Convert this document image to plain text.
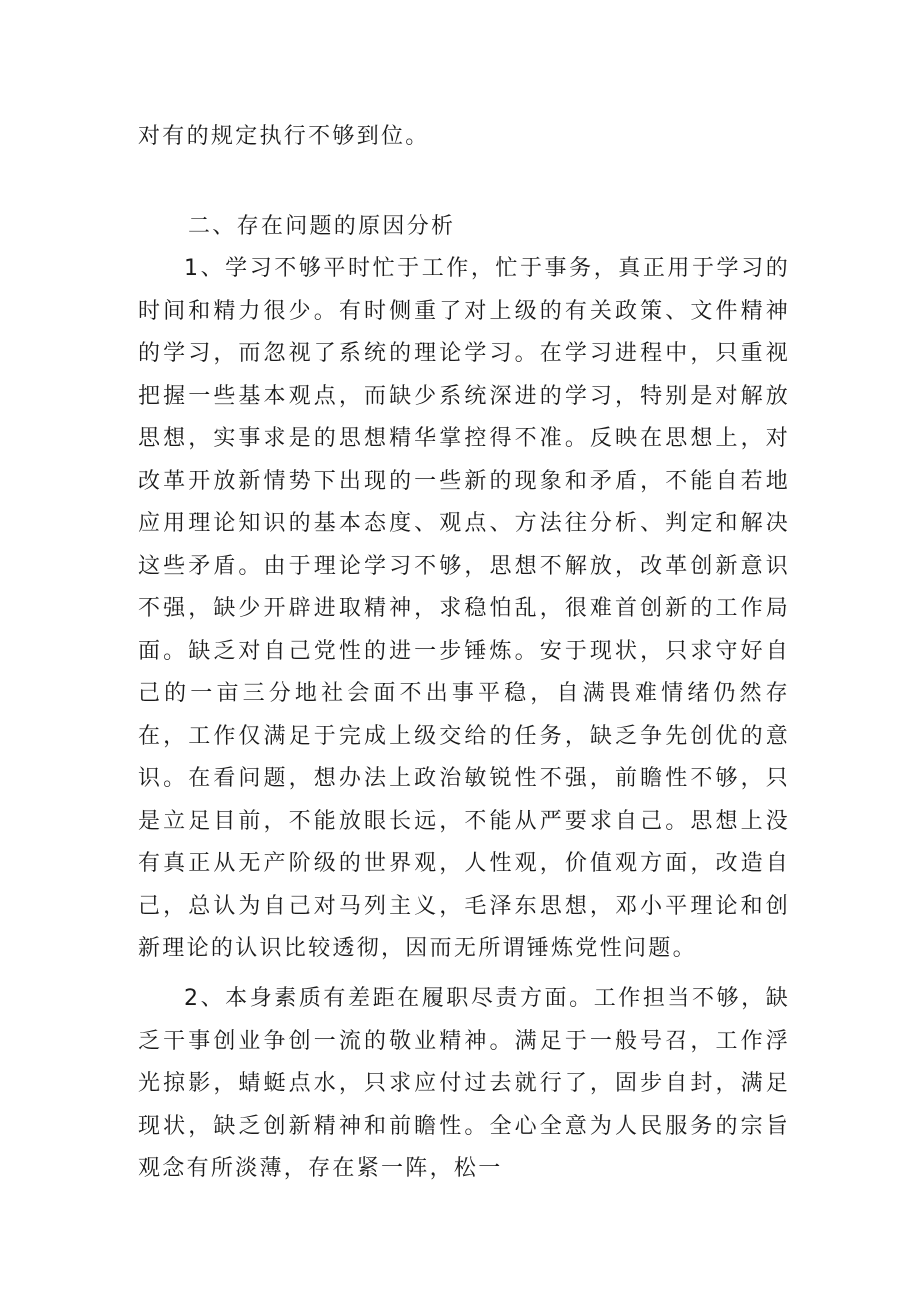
对有的规定执行不够到位。

二、存在问题的原因分析

1、学习不够平时忙于工作，忙于事务，真正用于学习的时间和精力很少。有时侧重了对上级的有关政策、文件精神的学习，而忽视了系统的理论学习。在学习进程中，只重视把握一些基本观点，而缺少系统深进的学习，特别是对解放思想，实事求是的思想精华掌控得不准。反映在思想上，对改革开放新情势下出现的一些新的现象和矛盾，不能自若地应用理论知识的基本态度、观点、方法往分析、判定和解决这些矛盾。由于理论学习不够，思想不解放，改革创新意识不强，缺少开辟进取精神，求稳怕乱，很难首创新的工作局面。缺乏对自己党性的进一步锤炼。安于现状，只求守好自己的一亩三分地社会面不出事平稳，自满畏难情绪仍然存在，工作仅满足于完成上级交给的任务，缺乏争先创优的意识。在看问题，想办法上政治敏锐性不强，前瞻性不够，只是立足目前，不能放眼长远，不能从严要求自己。思想上没有真正从无产阶级的世界观，人性观，价值观方面，改造自己，总认为自己对马列主义，毛泽东思想，邓小平理论和创新理论的认识比较透彻，因而无所谓锤炼党性问题。

2、本身素质有差距在履职尽责方面。工作担当不够，缺乏干事创业争创一流的敬业精神。满足于一般号召，工作浮光掠影，蜻蜓点水，只求应付过去就行了，固步自封，满足现状，缺乏创新精神和前瞻性。全心全意为人民服务的宗旨观念有所淡薄，存在紧一阵，松一
